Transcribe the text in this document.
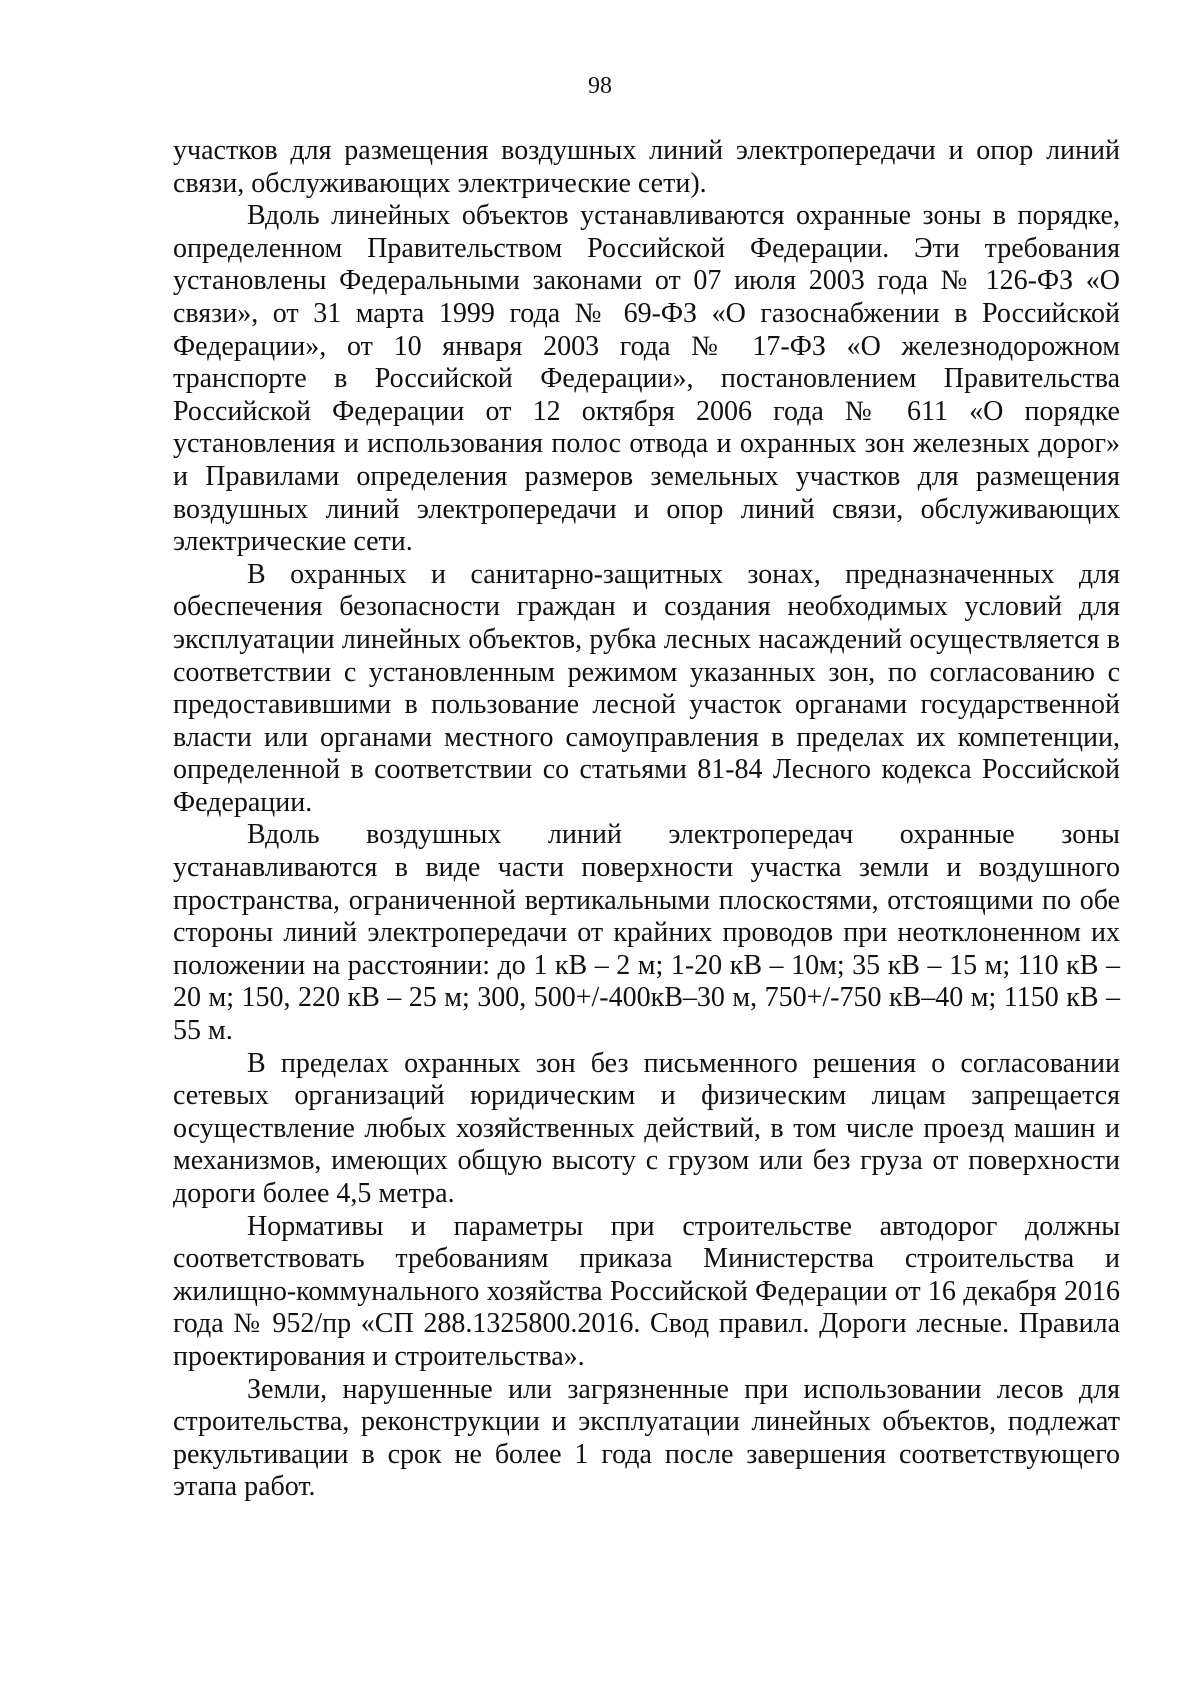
98

участков для размещения воздушных линий электропередачи и опор линий связи, обслуживающих электрические сети).

Вдоль линейных объектов устанавливаются охранные зоны в порядке, определенном Правительством Российской Федерации. Эти требования установлены Федеральными законами от 07 июля 2003 года № 126-ФЗ «О связи», от 31 марта 1999 года № 69-ФЗ «О газоснабжении в Российской Федерации», от 10 января 2003 года № 17-ФЗ «О железнодорожном транспорте в Российской Федерации», постановлением Правительства Российской Федерации от 12 октября 2006 года № 611 «О порядке установления и использования полос отвода и охранных зон железных дорог» и Правилами определения размеров земельных участков для размещения воздушных линий электропередачи и опор линий связи, обслуживающих электрические сети.

В охранных и санитарно-защитных зонах, предназначенных для обеспечения безопасности граждан и создания необходимых условий для эксплуатации линейных объектов, рубка лесных насаждений осуществляется в соответствии с установленным режимом указанных зон, по согласованию с предоставившими в пользование лесной участок органами государственной власти или органами местного самоуправления в пределах их компетенции, определенной в соответствии со статьями 81-84 Лесного кодекса Российской Федерации.

Вдоль воздушных линий электропередач охранные зоны устанавливаются в виде части поверхности участка земли и воздушного пространства, ограниченной вертикальными плоскостями, отстоящими по обе стороны линий электропередачи от крайних проводов при неотклоненном их положении на расстоянии: до 1 кВ – 2 м; 1-20 кВ – 10м; 35 кВ – 15 м; 110 кВ – 20 м; 150, 220 кВ – 25 м; 300, 500+/-400кВ–30 м, 750+/-750 кВ–40 м; 1150 кВ – 55 м.

В пределах охранных зон без письменного решения о согласовании сетевых организаций юридическим и физическим лицам запрещается осуществление любых хозяйственных действий, в том числе проезд машин и механизмов, имеющих общую высоту с грузом или без груза от поверхности дороги более 4,5 метра.

Нормативы и параметры при строительстве автодорог должны соответствовать требованиям приказа Министерства строительства и жилищно-коммунального хозяйства Российской Федерации от 16 декабря 2016 года № 952/пр «СП 288.1325800.2016. Свод правил. Дороги лесные. Правила проектирования и строительства».

Земли, нарушенные или загрязненные при использовании лесов для строительства, реконструкции и эксплуатации линейных объектов, подлежат рекультивации в срок не более 1 года после завершения соответствующего этапа работ.
